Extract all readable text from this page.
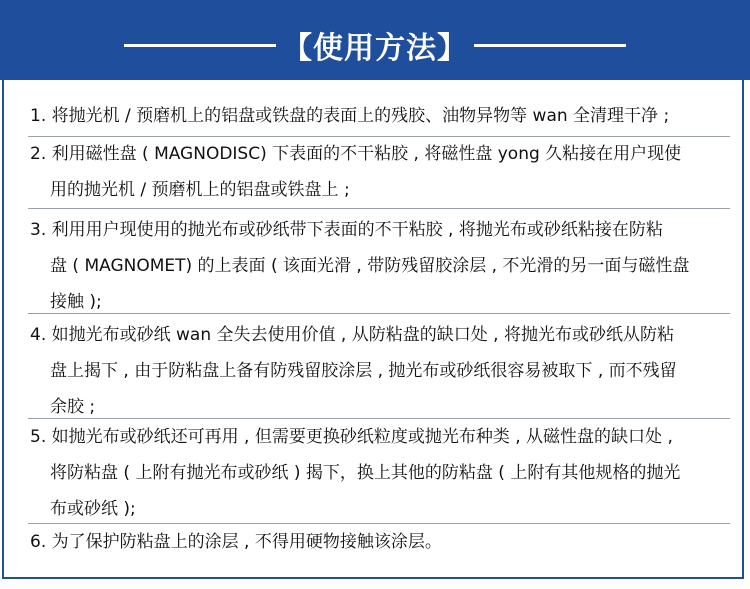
【使用方法】
1. 将抛光机 / 预磨机上的铝盘或铁盘的表面上的残胶、油物异物等 wan 全清理干净 ;
2. 利用磁性盘 ( MAGNODISC) 下表面的不干粘胶 , 将磁性盘 yong 久粘接在用户现使
用的抛光机 / 预磨机上的铝盘或铁盘上 ;
3. 利用用户现使用的抛光布或砂纸带下表面的不干粘胶 , 将抛光布或砂纸粘接在防粘
盘 ( MAGNOMET) 的上表面 ( 该面光滑 , 带防残留胶涂层 , 不光滑的另一面与磁性盘
接触 );
4. 如抛光布或砂纸 wan 全失去使用价值 , 从防粘盘的缺口处 , 将抛光布或砂纸从防粘
盘上揭下 , 由于防粘盘上备有防残留胶涂层 , 抛光布或砂纸很容易被取下 , 而不残留
余胶 ;
5. 如抛光布或砂纸还可再用 , 但需要更换砂纸粒度或抛光布种类 , 从磁性盘的缺口处 ,
将防粘盘 ( 上附有抛光布或砂纸 ) 揭下，换上其他的防粘盘 ( 上附有其他规格的抛光
布或砂纸 );
6. 为了保护防粘盘上的涂层 , 不得用硬物接触该涂层。
